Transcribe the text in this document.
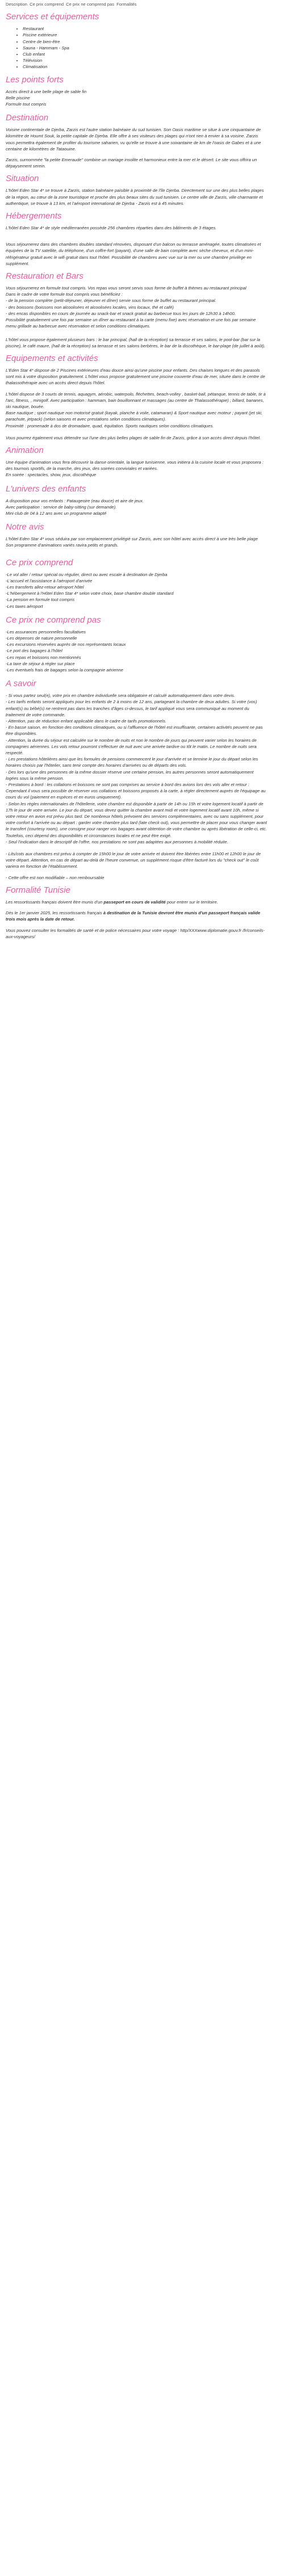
Description Ce prix comprend Ce prix ne comprend pas Formalités
Services et équipements
• Restaurant
• Piscine extérieure
• Centre de bien-être
• Sauna - Hammam - Spa
• Club enfant
• Télévision
• Climatisation
Les points forts
Accès direct à une belle plage de sable fin
Belle piscine
Formule tout compris
Destination

Voisine continentale de Djerba, Zarzis est l'autre station balnéaire du sud tunisien. Son Oasis maritime se situe à une cinquantaine de kilomètre de Houmt Souk, la petite capitale de Djerba. Elle offre à ses visiteurs des plages qui n'ont rien à envier à sa voisine. Zarzis vous permettra également de profiter du tourisme saharien, vu qu'elle se trouve à une soixantaine de km de l'oasis de Gabes et à une centaine de kilomètres de Tataouine.

Zarzis, surnommée "la petite Emeraude" combine un mariage insolite et harmonieux entre la mer et le désert. Le site vous offrira un dépaysement serein.

Situation

L'hôtel Eden Star 4* se trouve à Zarzis, station balnéaire paisible à proximité de l'île Djerba. Directement sur une des plus belles plages de la région, au cœur de la zone touristique et proche des plus beaux sites du sud tunisien. Le centre ville de Zarzis, ville charmante et authentique, se trouve à 13 km, et l'aéroport international de Djerba - Zarzis est à 45 minutes.

Hébergements

L'hôtel Eden Star 4* de style méditerranéen possède 256 chambres réparties dans des bâtiments de 3 étages.

Vous séjournerez dans des chambres doubles standard rénovées, disposant d'un balcon ou terrasse aménagée, toutes climatisées et équipées de la TV satellite, du téléphone, d'un coffre-fort (payant), d'une salle de bain complète avec sèche cheveux, et d'un mini-réfrigérateur gratuit avec le wifi gratuit dans tout l'hôtel. Possibilité de chambres avec vue sur la mer ou une chambre privilège en supplément.

Restauration et Bars
Vous séjournerez en formule tout compris. Vos repas vous seront servis sous forme de buffet à thèmes au restaurant principal
Dans le cadre de votre formule tout compris vous bénéficiez :
- de la pension complète (petit-déjeuner, déjeuner et dîner) servie sous forme de buffet au restaurant principal.
- des boissons (boissons non alcoolisées et alcoolisées locales, vins locaux, thé et café)
- des encas disponibles en cours de journée au snack-bar et snack gratuit au barbecue tous les jours de 12h30 à 14h00.
Possibilité gratuitement une fois par semaine un dîner au restaurant à la carte (menu fixe) avec réservation et une fois par semaine menu grillade au barbecue avec réservation et selon conditions climatiques.

L'hôtel vous propose également plusieurs bars : le bar principal, (hall de la réception) sa terrasse et ses salons, le pool-bar (bar sur la piscine), le café maure, (hall de la réception) sa terrasse et ses salons berbères, le bar de la discothèque, le bar-plage (de juillet à août).

Equipements et activités

L'Eden Star 4* dispose de 2 Piscines extérieures d'eau douce ainsi qu'une piscine pour enfants. Des chaises longues et des parasols sont mis à votre disposition gratuitement. L'hôtel vous propose gratuitement une piscine couverte d'eau de mer, située dans le centre de thalassothérapie avec un accès direct depuis l'hôtel.

L'hôtel dispose de 3 courts de tennis, aquagym, aérobic, waterpolo, fléchettes, beach-volley , basket-ball, pétanque, tennis de table, tir à l'arc, fitness, , minigolf. Avec participation : hammam, bain bouillonnant et massages (au centre de Thalassothérapie) ; billard, bananes, ski nautique, bouée.
Base nautique ; sport nautique non motorisé gratuit (kayak, planche à voile, catamaran) & Sport nautique avec moteur ; payant (jet ski, parachute, jetpack) (selon saisons et avec prestations selon conditions climatiques).
Proximité : promenade à dos de dromadaire, quad, équitation. Sports nautiques selon conditions climatiques.

Vous pourrez également vous détendre sur l'une des plus belles plages de sable fin de Zarzis, grâce à son accès direct depuis l'hôtel.

Animation
Une équipe d'animation vous fera découvrir la danse orientale, la langue tunisienne, vous initiera à la cuisine locale et vous proposera : des tournois sportifs, de la marche, des jeux, des soirées conviviales et variées.
En soirée : spectacles, show, jeux, discothèque
L'univers des enfants
A disposition pour vos enfants : Pataugeoire (eau douce) et aire de jeux.
Avec participation : service de baby-sitting (sur demande).
Mini club de 04 à 12 ans avec un programme adapté
Notre avis
L'hôtel Eden Star 4* vous séduira par son emplacement privilégié sur Zarzis, avec son hôtel avec accès direct à une très belle plage
Son programme d'animations variés ravira petits et grands.
Ce prix comprend
-Le vol aller / retour spécial ou régulier, direct ou avec escale à destination de Djerba
-L'accueil et l'assistance à l'aéroport d'arrivée
-Les transferts allez-retour aéroport hôtel
-L'hébergement à l'Hôtel Eden Star 4* selon votre choix, base chambre double standard
-La pension en formule tout compris
-Les taxes aéroport
Ce prix ne comprend pas
-Les assurances personnelles facultatives
-Les dépenses de nature personnelle
-Les excursions réservées auprès de nos représentants locaux
-Le port des bagages à l'hôtel
-Les repas et boissons non mentionnés
-La taxe de séjour à régler sur place
-Les éventuels frais de bagages selon la compagnie aérienne
A savoir
- Si vous partez seul(e), votre prix en chambre individuelle sera obligatoire et calculé automatiquement dans votre devis.
- Les tarifs enfants seront appliqués pour les enfants de 2 à moins de 12 ans, partageant la chambre de deux adultes. Si votre (vos) enfant(s) ou bébé(s) ne rentrent pas dans les tranches d'âges ci-dessus, le tarif appliqué vous sera communiqué au moment du traitement de votre commande.
- Attention, pas de réduction enfant applicable dans le cadre de tarifs promotionnels.
- En basse saison, en fonction des conditions climatiques, ou si l'affluence de l'hôtel est insuffisante, certaines activités peuvent ne pas être disponibles.
- Attention, la durée du séjour est calculée sur le nombre de nuits et non le nombre de jours qui peuvent varier selon les horaires de compagnies aériennes. Les vols retour pourront s'effectuer de nuit avec une arrivée tardive ou tôt le matin. Le nombre de nuits sera respecté.
- Les prestations hôtelières ainsi que les formules de pensions commencent le jour d'arrivée et se termine le jour du départ selon les horaires choisis par l'hôtelier, sans tenir compte des horaires d'arrivées ou de départs des vols.
- Des lors qu'une des personnes de la même dossier réserve une certaine pension, les autres personnes seront automatiquement logées sous la même pension.
- Prestations à bord : les collations et boissons ne sont pas comprises au service à bord des avions lors des vols aller et retour : Cependant il vous sera possible de réserver vos collations et boissons proposés à la carte, à régler directement auprès de l'équipage au cours du vol (paiement en espèces et en euros uniquement).
- Selon les règles internationales de l'hôtellerie, votre chambre est disponible à partir de 14h ou 15h et votre logement locatif à partir de 17h le jour de votre arrivée. Le jour du départ, vous devez quitter la chambre avant midi et votre logement locatif avant 10h, même si votre retour en avion est prévu plus tard. De nombreux hôtels prévoient des services complémentaires, avec ou sans supplément, pour votre confort à l'arrivée ou au départ : garder votre chambre plus tard (late check out), vous permettre de placer pour vous changer avant le transfert (courtesy room), une consigne pour ranger vos bagages avant obtention de votre chambre ou après libération de celle-ci, etc. Toutefois, ceci dépend des disponibilités et circonstances locales et ne peut être exigé.
- Seul l'indication dans le descriptif de l'offre, nos prestations ne sont pas adaptées aux personnes à mobilité réduite.

- Lits/cots aux chambres est prévu à compter de 15h00 le jour de votre arrivée et doivent être libérées entre 11h00 et 12h00 le jour de votre départ. Attention, en cas de départ au-delà de l'heure convenue, un supplément risque d'être facturé lors du "check out" le coût variera en fonction de l'établissement.

- Cette offre est non modifiable – non remboursable

Formalité Tunisie

Les ressortissants français doivent être munis d'un passeport en cours de validité pour entrer sur le territoire.

Dès le 1er janvier 2025, les ressortissants français à destination de la Tunisie devront être munis d'un passeport français valide trois mois après la date de retour.

Vous pouvez consulter les formalités de santé et de police nécessaires pour votre voyage : http/XXXwww.diplomatie.gouv.fr /fr/conseils-aux-voyageurs/
